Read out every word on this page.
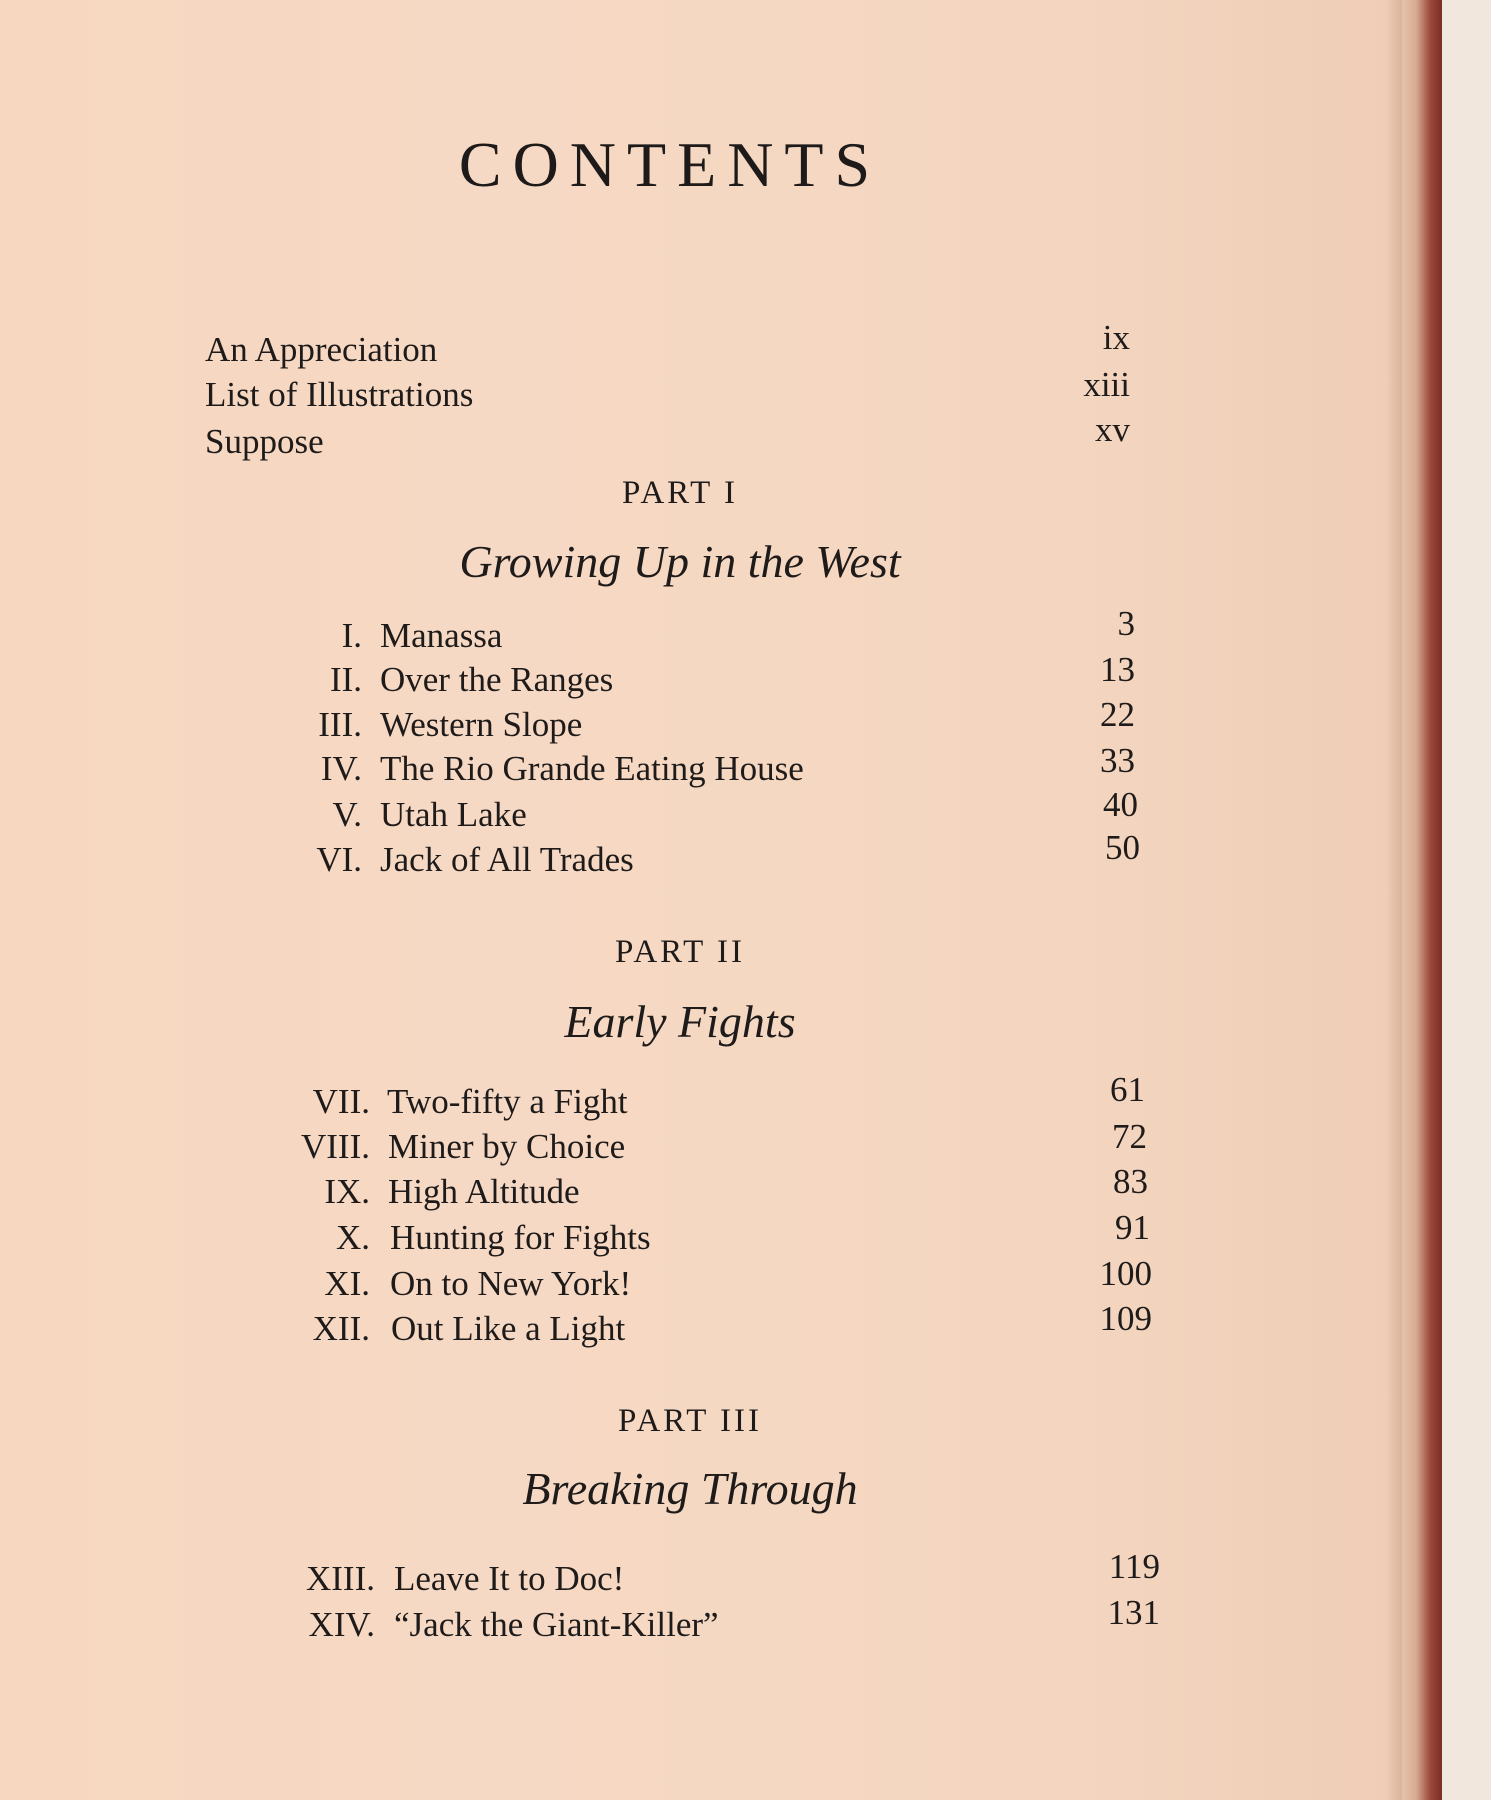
CONTENTS
An Appreciation	ix
List of Illustrations	xiii
Suppose	xv
PART I
Growing Up in the West
I. Manassa	3
II. Over the Ranges	13
III. Western Slope	22
IV. The Rio Grande Eating House	33
V. Utah Lake	40
VI. Jack of All Trades	50
PART II
Early Fights
VII. Two-fifty a Fight	61
VIII. Miner by Choice	72
IX. High Altitude	83
X. Hunting for Fights	91
XI. On to New York!	100
XII. Out Like a Light	109
PART III
Breaking Through
XIII. Leave It to Doc!	119
XIV. “Jack the Giant-Killer”	131
